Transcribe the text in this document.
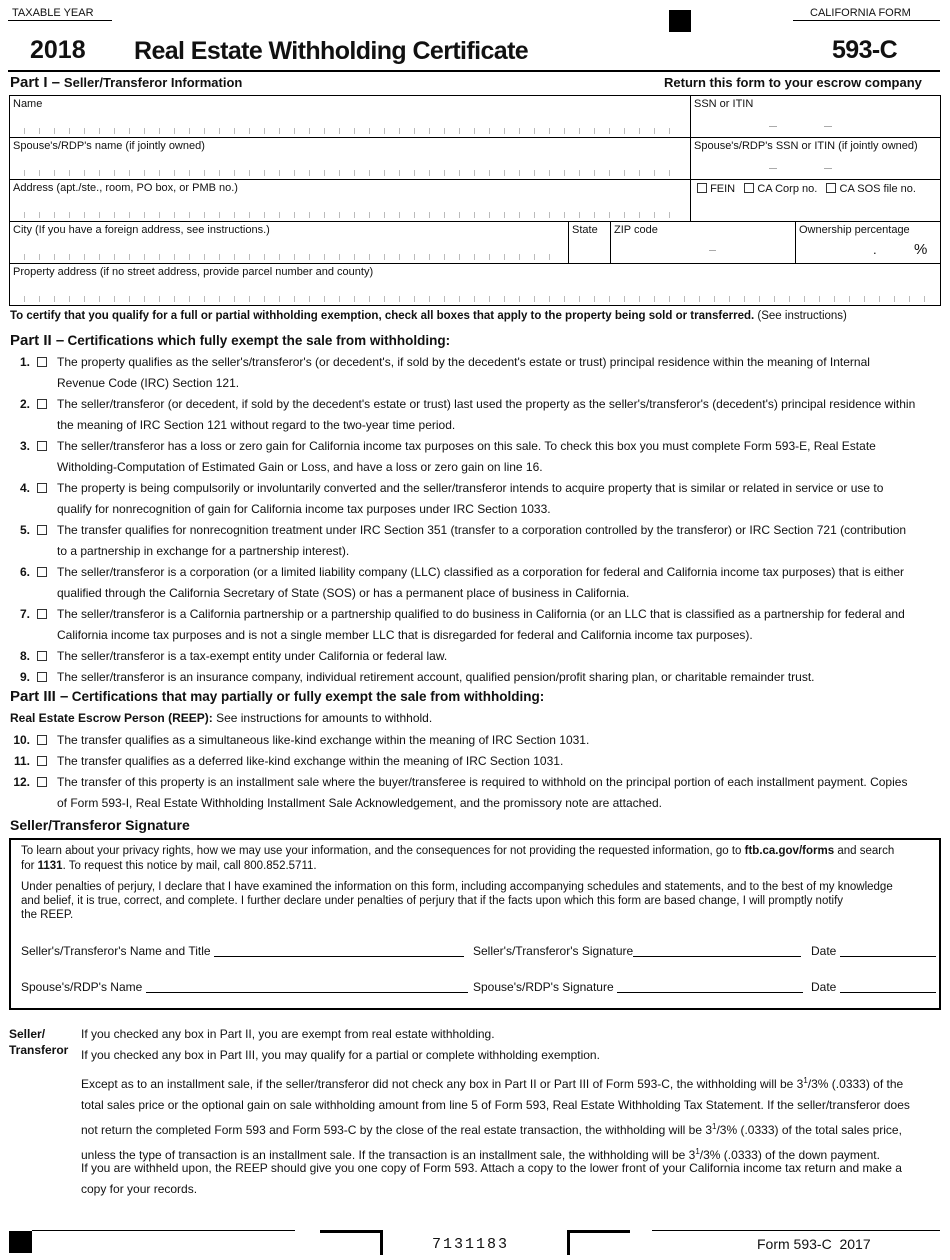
TAXABLE YEAR	CALIFORNIA FORM
2018 Real Estate Withholding Certificate	593-C
Part I – Seller/Transferor Information	Return this form to your escrow company
Name	SSN or ITIN
Spouse's/RDP's name (if jointly owned)	Spouse's/RDP's SSN or ITIN (if jointly owned)
Address (apt./ste., room, PO box, or PMB no.)	FEIN CA Corp no. CA SOS file no.
City (If you have a foreign address, see instructions.)	State ZIP code	Ownership percentage
. %
Property address (if no street address, provide parcel number and county)
To certify that you qualify for a full or partial withholding exemption, check all boxes that apply to the property being sold or transferred. (See instructions)
Part II – Certifications which fully exempt the sale from withholding:
1. The property qualifies as the seller's/transferor's (or decedent's, if sold by the decedent's estate or trust) principal residence within the meaning of Internal
Revenue Code (IRC) Section 121.
2. The seller/transferor (or decedent, if sold by the decedent's estate or trust) last used the property as the seller's/transferor's (decedent's) principal residence within
the meaning of IRC Section 121 without regard to the two-year time period.
3. The seller/transferor has a loss or zero gain for California income tax purposes on this sale. To check this box you must complete Form 593-E, Real Estate
Witholding-Computation of Estimated Gain or Loss, and have a loss or zero gain on line 16.
4. The property is being compulsorily or involuntarily converted and the seller/transferor intends to acquire property that is similar or related in service or use to
qualify for nonrecognition of gain for California income tax purposes under IRC Section 1033.
5. The transfer qualifies for nonrecognition treatment under IRC Section 351 (transfer to a corporation controlled by the transferor) or IRC Section 721 (contribution
to a partnership in exchange for a partnership interest).
6. The seller/transferor is a corporation (or a limited liability company (LLC) classified as a corporation for federal and California income tax purposes) that is either
qualified through the California Secretary of State (SOS) or has a permanent place of business in California.
7. The seller/transferor is a California partnership or a partnership qualified to do business in California (or an LLC that is classified as a partnership for federal and
California income tax purposes and is not a single member LLC that is disregarded for federal and California income tax purposes).
8. The seller/transferor is a tax-exempt entity under California or federal law.
9. The seller/transferor is an insurance company, individual retirement account, qualified pension/profit sharing plan, or charitable remainder trust.
Part III – Certifications that may partially or fully exempt the sale from withholding:
Real Estate Escrow Person (REEP): See instructions for amounts to withhold.
10. The transfer qualifies as a simultaneous like-kind exchange within the meaning of IRC Section 1031.
11. The transfer qualifies as a deferred like-kind exchange within the meaning of IRC Section 1031.
12. The transfer of this property is an installment sale where the buyer/transferee is required to withhold on the principal portion of each installment payment. Copies
of Form 593-I, Real Estate Withholding Installment Sale Acknowledgement, and the promissory note are attached.
Seller/Transferor Signature
To learn about your privacy rights, how we may use your information, and the consequences for not providing the requested information, go to ftb.ca.gov/forms and search
for 1131. To request this notice by mail, call 800.852.5711.
Under penalties of perjury, I declare that I have examined the information on this form, including accompanying schedules and statements, and to the best of my knowledge
and belief, it is true, correct, and complete. I further declare under penalties of perjury that if the facts upon which this form are based change, I will promptly notify
the REEP.
Seller's/Transferor's Name and Title	Seller's/Transferor's Signature	Date
Spouse's/RDP's Name	Spouse's/RDP's Signature	Date
Seller/
Transferor
If you checked any box in Part II, you are exempt from real estate withholding.
If you checked any box in Part III, you may qualify for a partial or complete withholding exemption.
Except as to an installment sale, if the seller/transferor did not check any box in Part II or Part III of Form 593-C, the withholding will be $3^1/3\%$ (.0333) of the
total sales price or the optional gain on sale withholding amount from line 5 of Form 593, Real Estate Withholding Tax Statement. If the seller/transferor does
not return the completed Form 593 and Form 593-C by the close of the real estate transaction, the withholding will be $3^1/3\%$ (.0333) of the total sales price,
unless the type of transaction is an installment sale. If the transaction is an installment sale, the withholding will be $3^1/3\%$ (.0333) of the down payment.
If you are withheld upon, the REEP should give you one copy of Form 593. Attach a copy to the lower front of your California income tax return and make a
copy for your records.
7131183	Form 593-C 2017
